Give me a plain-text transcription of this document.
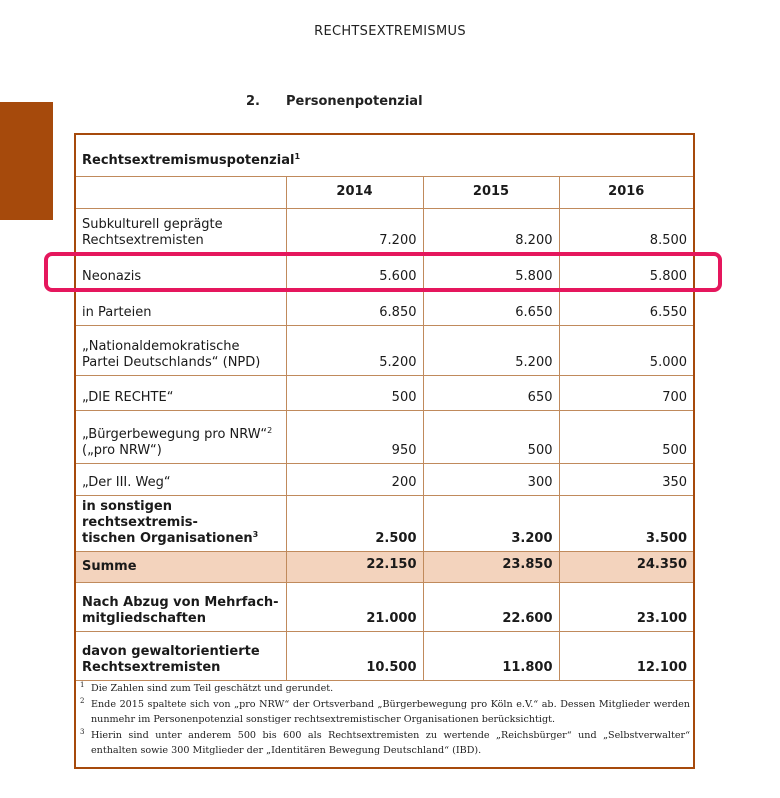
RECHTSEXTREMISMUS
2. Personenpotenzial
Rechtsextremismuspotenzial$^1$
	2014	2015	2016
Subkulturell geprägte
Rechtsextremisten	7.200	8.200	8.500
Neonazis	5.600	5.800	5.800
in Parteien	6.850	6.650	6.550
„Nationaldemokratische
Partei Deutschlands“ (NPD)	5.200	5.200	5.000
„DIE RECHTE“	500	650	700
„Bürgerbewegung pro NRW“$^2$
(„pro NRW“)	950	500	500
„Der III. Weg“	200	300	350
in sonstigen rechtsextremis-
tischen Organisationen$^3$	2.500	3.200	3.500
Summe	22.150	23.850	24.350
Nach Abzug von Mehrfach-
mitgliedschaften	21.000	22.600	23.100
davon gewaltorientierte
Rechtsextremisten	10.500	11.800	12.100
1 Die Zahlen sind zum Teil geschätzt und gerundet.
2 Ende 2015 spaltete sich von „pro NRW“ der Ortsverband „Bürgerbewegung pro Köln e.V.“ ab. Dessen Mitglieder werden nunmehr im Personenpotenzial sonstiger rechtsextremistischer Organisationen berücksichtigt.
3 Hierin sind unter anderem 500 bis 600 als Rechtsextremisten zu wertende „Reichsbürger“ und „Selbstverwalter“ enthalten sowie 300 Mitglieder der „Identitären Bewegung Deutschland“ (IBD).
